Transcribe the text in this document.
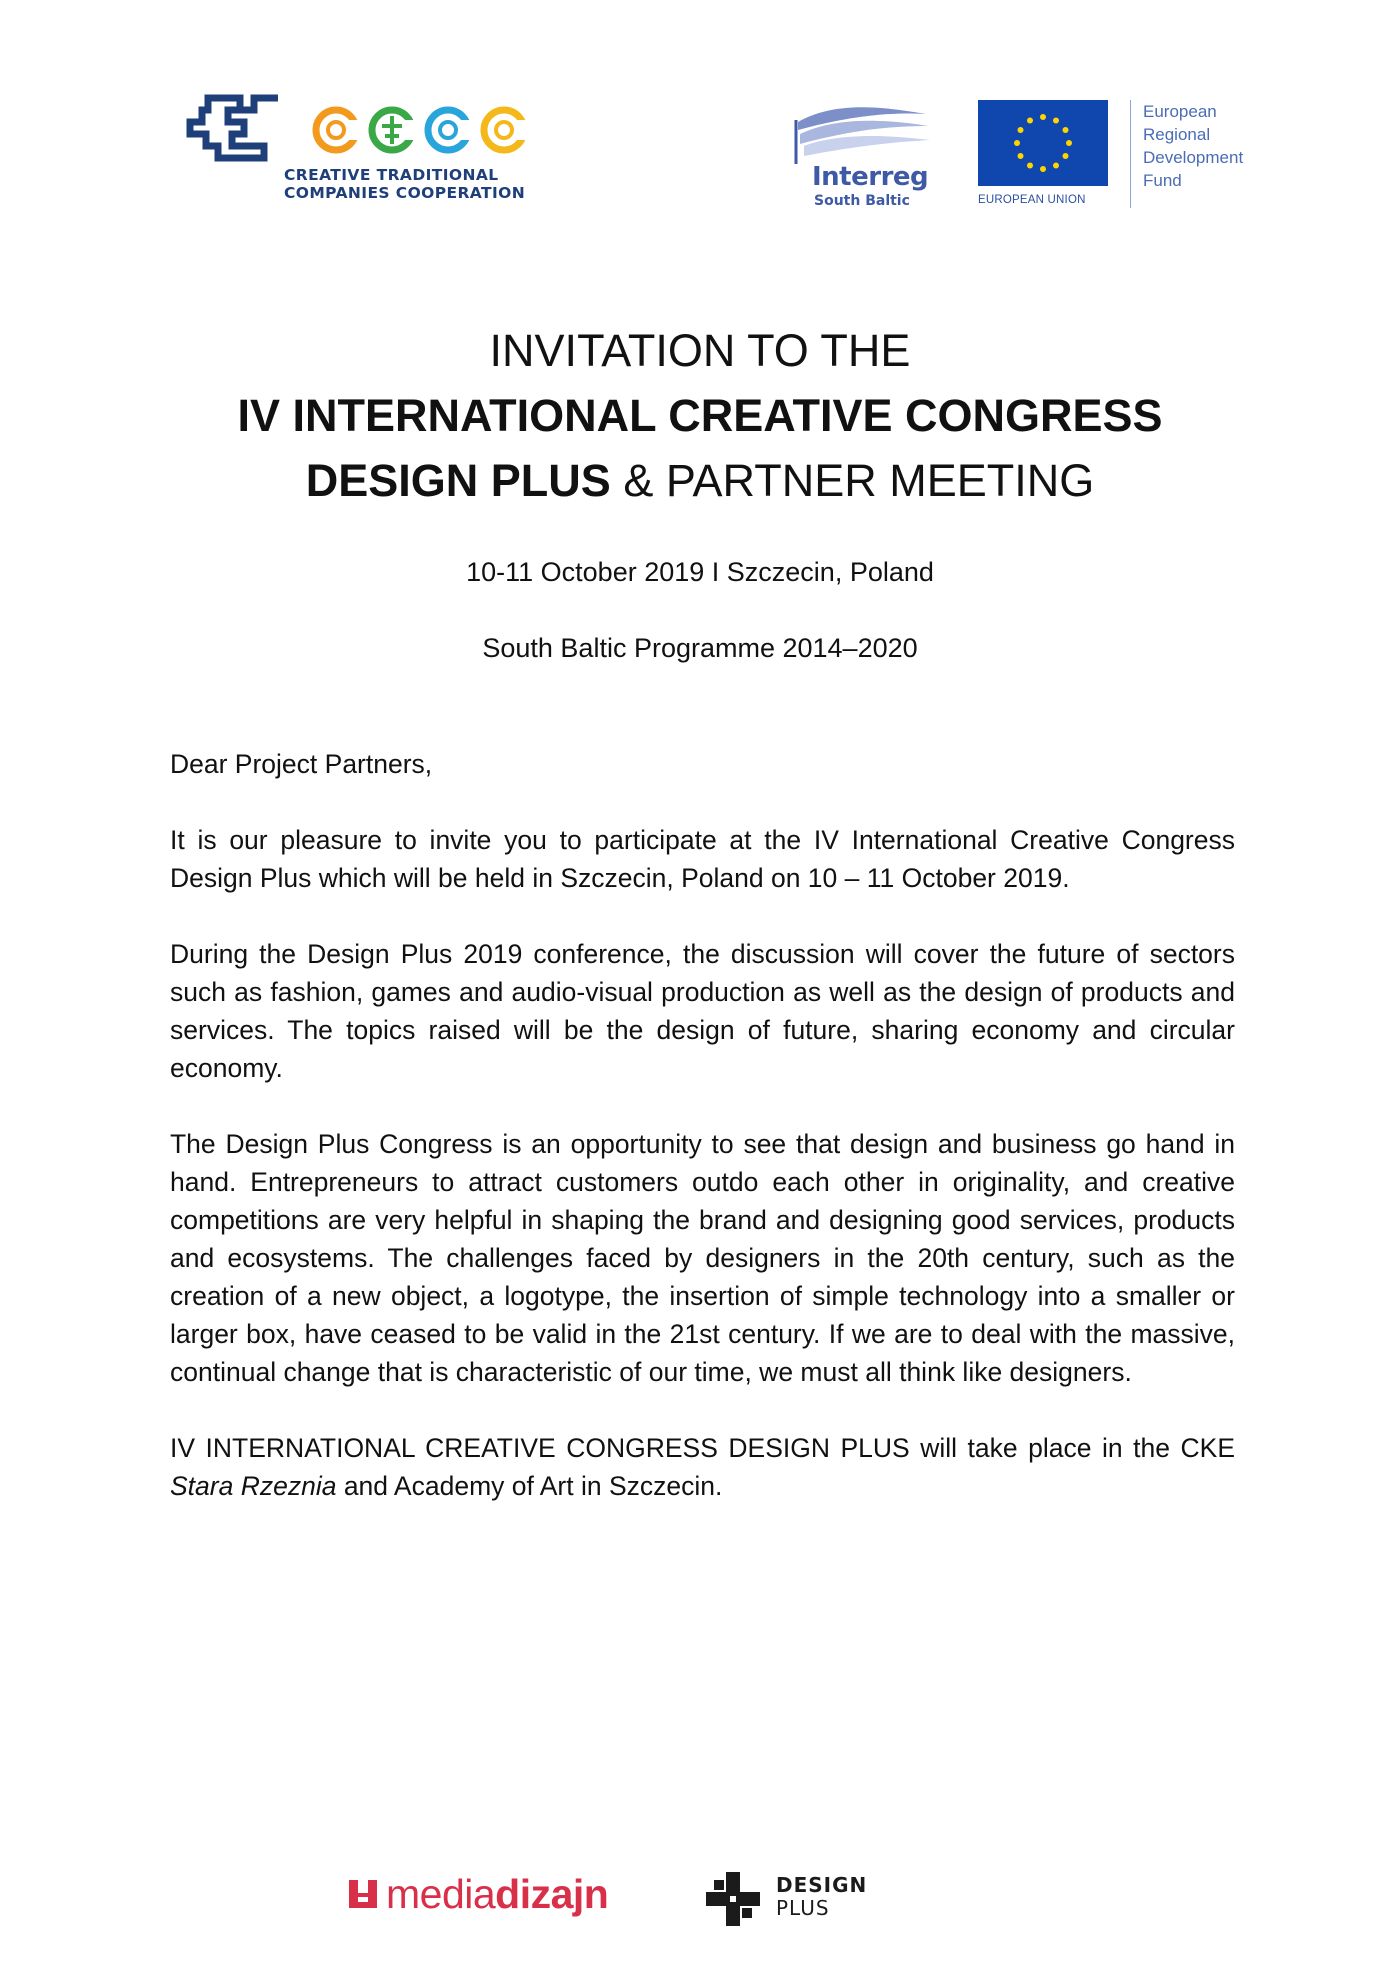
CREATIVE TRADITIONAL
COMPANIES COOPERATION
Interreg
South Baltic	EUROPEAN UNION
European
Regional
Development
Fund
INVITATION TO THE
IV INTERNATIONAL CREATIVE CONGRESS
DESIGN PLUS & PARTNER MEETING
10-11 October 2019 I Szczecin, Poland
South Baltic Programme 2014–2020

Dear Project Partners,

It is our pleasure to invite you to participate at the IV International Creative Congress Design Plus which will be held in Szczecin, Poland on 10 – 11 October 2019.

During the Design Plus 2019 conference, the discussion will cover the future of sectors such as fashion, games and audio-visual production as well as the design of products and services. The topics raised will be the design of future, sharing economy and circular economy.

The Design Plus Congress is an opportunity to see that design and business go hand in hand. Entrepreneurs to attract customers outdo each other in originality, and creative competitions are very helpful in shaping the brand and designing good services, products and ecosystems. The challenges faced by designers in the 20th century, such as the creation of a new object, a logotype, the insertion of simple technology into a smaller or larger box, have ceased to be valid in the 21st century. If we are to deal with the massive, continual change that is characteristic of our time, we must all think like designers.

IV INTERNATIONAL CREATIVE CONGRESS DESIGN PLUS will take place in the CKE Stara Rzeznia and Academy of Art in Szczecin.

mediadizajn	DESIGN
PLUS
